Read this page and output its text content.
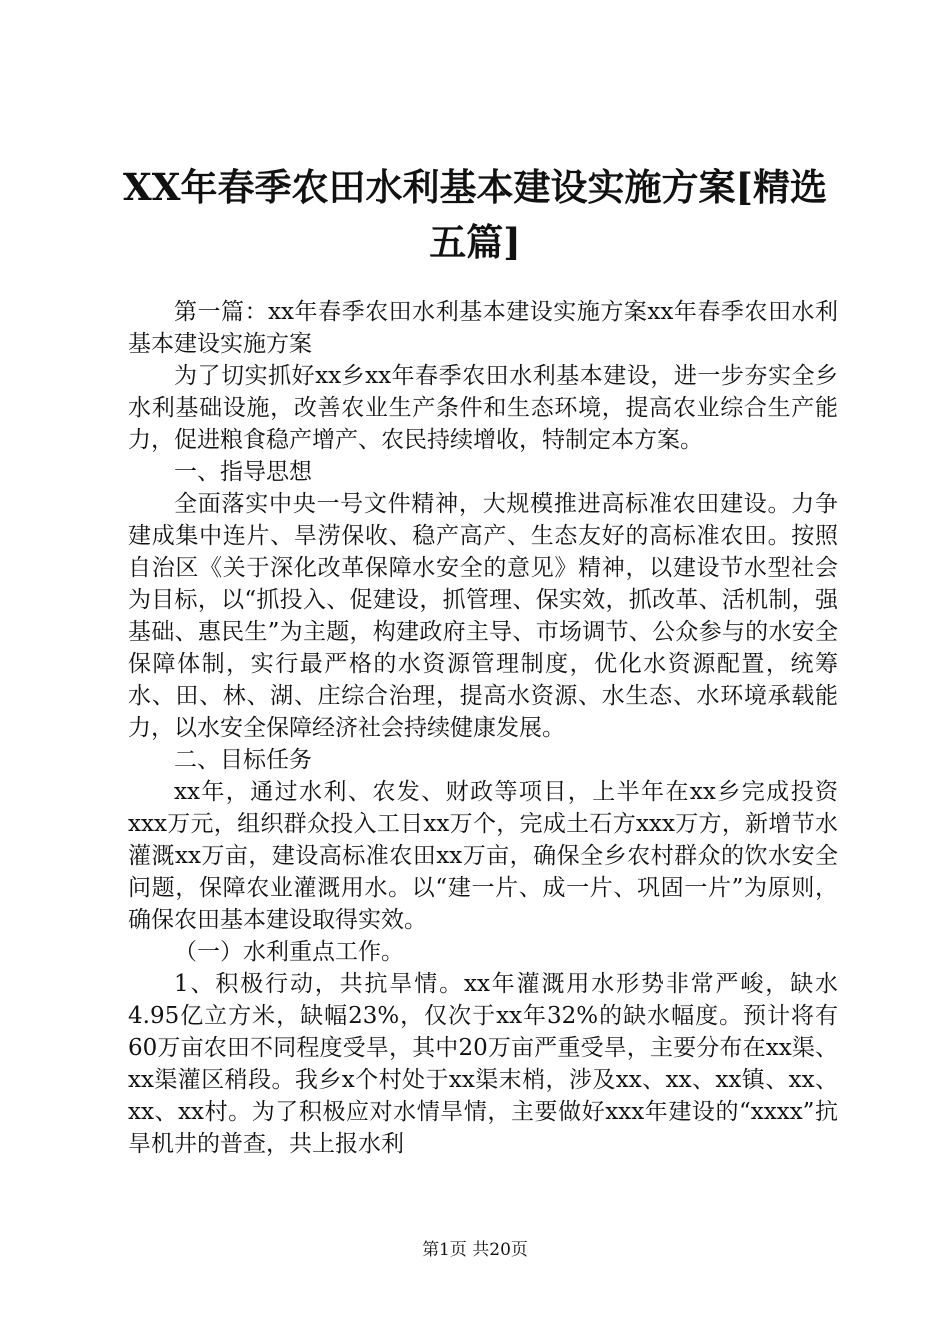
XX年春季农田水利基本建设实施方案[精选五篇]

第一篇：xx年春季农田水利基本建设实施方案xx年春季农田水利基本建设实施方案

为了切实抓好xx乡xx年春季农田水利基本建设，进一步夯实全乡水利基础设施，改善农业生产条件和生态环境，提高农业综合生产能力，促进粮食稳产增产、农民持续增收，特制定本方案。

一、指导思想

全面落实中央一号文件精神，大规模推进高标准农田建设。力争建成集中连片、旱涝保收、稳产高产、生态友好的高标准农田。按照自治区《关于深化改革保障水安全的意见》精神，以建设节水型社会为目标，以“抓投入、促建设，抓管理、保实效，抓改革、活机制，强基础、惠民生”为主题，构建政府主导、市场调节、公众参与的水安全保障体制，实行最严格的水资源管理制度，优化水资源配置，统筹水、田、林、湖、庄综合治理，提高水资源、水生态、水环境承载能力，以水安全保障经济社会持续健康发展。

二、目标任务

xx年，通过水利、农发、财政等项目，上半年在xx乡完成投资xxx万元，组织群众投入工日xx万个，完成土石方xxx万方，新增节水灌溉xx万亩，建设高标准农田xx万亩，确保全乡农村群众的饮水安全问题，保障农业灌溉用水。以“建一片、成一片、巩固一片”为原则，确保农田基本建设取得实效。

（一）水利重点工作。

1、积极行动，共抗旱情。xx年灌溉用水形势非常严峻，缺水4.95亿立方米，缺幅23%，仅次于xx年32%的缺水幅度。预计将有60万亩农田不同程度受旱，其中20万亩严重受旱，主要分布在xx渠、xx渠灌区稍段。我乡x个村处于xx渠末梢，涉及xx、xx、xx镇、xx、xx、xx村。为了积极应对水情旱情，主要做好xxx年建设的“xxxx”抗旱机井的普查，共上报水利

第1页 共20页
